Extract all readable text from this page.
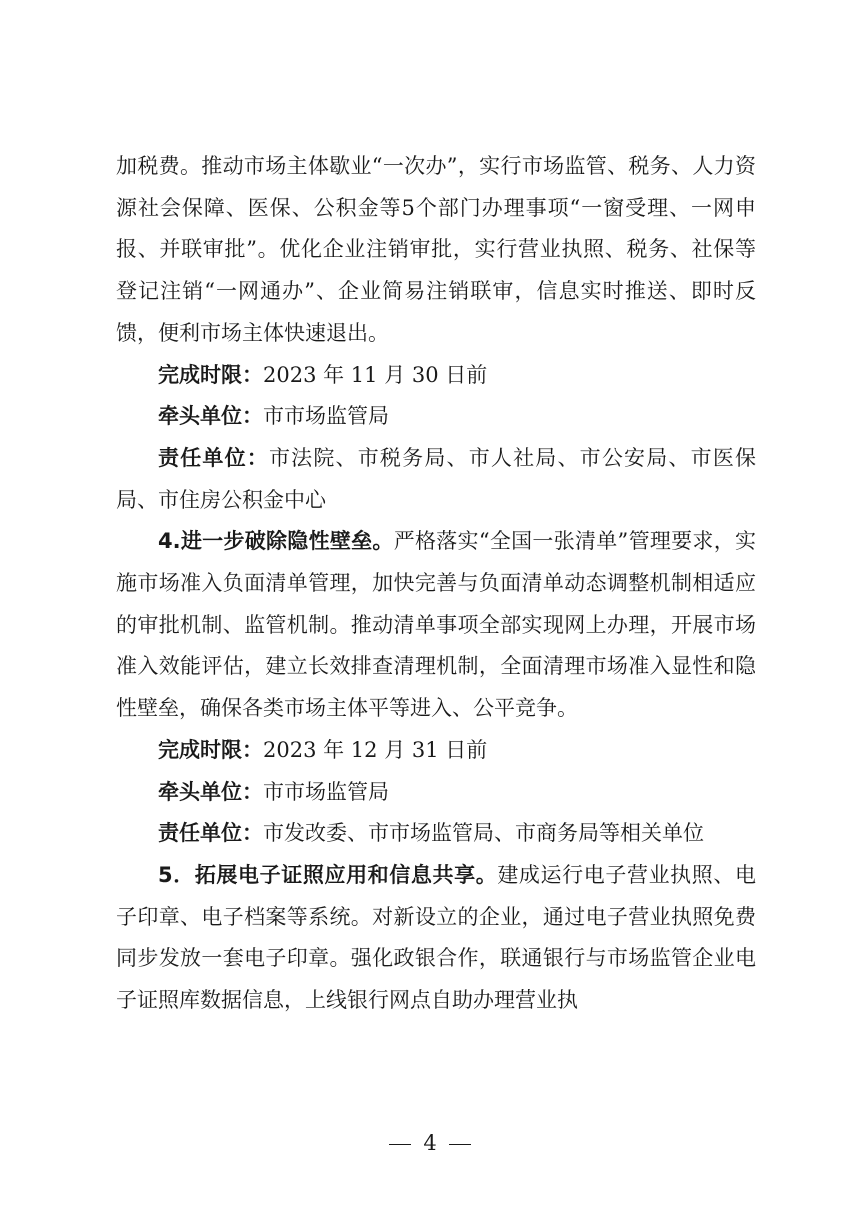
加税费。推动市场主体歇业“一次办”，实行市场监管、税务、人力资源社会保障、医保、公积金等5个部门办理事项“一窗受理、一网申报、并联审批”。优化企业注销审批，实行营业执照、税务、社保等登记注销“一网通办”、企业简易注销联审，信息实时推送、即时反馈，便利市场主体快速退出。

完成时限：2023 年 11 月 30 日前

牵头单位：市市场监管局

责任单位：市法院、市税务局、市人社局、市公安局、市医保局、市住房公积金中心

4.进一步破除隐性壁垒。严格落实“全国一张清单”管理要求，实施市场准入负面清单管理，加快完善与负面清单动态调整机制相适应的审批机制、监管机制。推动清单事项全部实现网上办理，开展市场准入效能评估，建立长效排查清理机制，全面清理市场准入显性和隐性壁垒，确保各类市场主体平等进入、公平竞争。

完成时限：2023 年 12 月 31 日前

牵头单位：市市场监管局

责任单位：市发改委、市市场监管局、市商务局等相关单位

5．拓展电子证照应用和信息共享。建成运行电子营业执照、电子印章、电子档案等系统。对新设立的企业，通过电子营业执照免费同步发放一套电子印章。强化政银合作，联通银行与市场监管企业电子证照库数据信息，上线银行网点自助办理营业执

4
